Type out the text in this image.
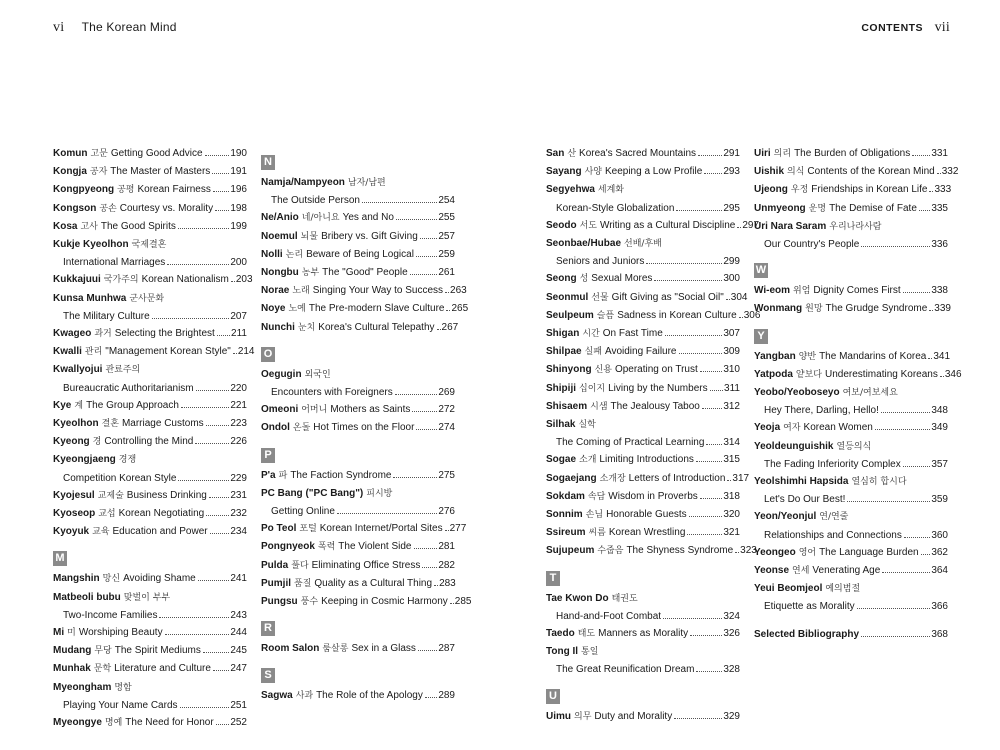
vi The Korean Mind	CONTENTS vii
Komun 고문 Getting Good Advice	190
Kongja 공자 The Master of Masters 191
Kongpyeong 공평 Korean Fairness 196
Kongson 공손 Courtesy vs. Morality 198
Kosa 고사 The Good Spirits	199
Kukje Kyeolhon 국제결혼
International Marriages	200
Kukkajuui 국가주의 Korean Nationalism 203
Kunsa Munhwa 군사문화
The Military Culture	207
Kwageo 과거 Selecting the Brightest 211
Kwalli 관리 "Management Korean Style" 214
Kwallyojui 관료주의
Bureaucratic Authoritarianism	220
Kye 계 The Group Approach	221
Kyeolhon 결혼 Marriage Customs	223
Kyeong 경 Controlling the Mind	226
Kyeongjaeng 경쟁
Competition Korean Style	229
Kyojesul 교제술 Business Drinking 231
Kyoseop 교섭 Korean Negotiating	232
Kyoyuk 교육 Education and Power 234
M
Mangshin 망신 Avoiding Shame	241
Matbeoli bubu 맞벌이 부부
Two-Income Families	243
Mi 미 Worshiping Beauty	244
Mudang 무당 The Spirit Mediums	245
Munhak 문학 Literature and Culture 247
Myeongham 명함
Playing Your Name Cards	251
Myeongye 명예 The Need for Honor 252
N
Namja/Nampyeon 남자/남편
The Outside Person	254
Ne/Anio 네/아니요 Yes and No	255
Noemul 뇌물 Bribery vs. Gift Giving 257
Nolli 논리 Beware of Being Logical 259
Nongbu 농부 The "Good" People	261
Norae 노래 Singing Your Way to Success 263
Noye 노예 The Pre-modern Slave Culture 265
Nunchi 눈치 Korea's Cultural Telepathy 267
O
Oegugin 외국인
Encounters with Foreigners	269
Omeoni 어머니 Mothers as Saints	272
Ondol 온돌 Hot Times on the Floor 274
P
P'a 파 The Faction Syndrome	275
PC Bang ("PC Bang") 피시방
Getting Online	276
Po Teol 포털 Korean Internet/Portal Sites 277
Pongnyeok 폭력 The Violent Side	281
Pulda 풀다 Eliminating Office Stress 282
Pumjil 품질 Quality as a Cultural Thing 283
Pungsu 풍수 Keeping in Cosmic Harmony 285
R
Room Salon 룸살롱 Sex in a Glass 287
S
Sagwa 사과 The Role of the Apology 289
San 산 Korea's Sacred Mountains	291
Sayang 사양 Keeping a Low Profile 293
Segyehwa 세계화
Korean-Style Globalization	295
Seodo 서도 Writing as a Cultural Discipline 297
Seonbae/Hubae 선배/후배
Seniors and Juniors	299
Seong 성 Sexual Mores	300
Seonmul 선물 Gift Giving as "Social Oil" 304
Seulpeum 슬픔 Sadness in Korean Culture 306
Shigan 시간 On Fast Time	307
Shilpae 실패 Avoiding Failure	309
Shinyong 신용 Operating on Trust	310
Shipiji 십이지 Living by the Numbers 311
Shisaem 시샘 The Jealousy Taboo 312
Silhak 실학
The Coming of Practical Learning 314
Sogae 소개 Limiting Introductions	315
Sogaejang 소개장 Letters of Introduction 317
Sokdam 속담 Wisdom in Proverbs	318
Sonnim 손님 Honorable Guests	320
Ssireum 씨름 Korean Wrestling	321
Sujupeum 수줍음 The Shyness Syndrome 323
T
Tae Kwon Do 태권도
Hand-and-Foot Combat	324
Taedo 태도 Manners as Morality	326
Tong Il 통일
The Great Reunification Dream	328
U
Uimu 의무 Duty and Morality	329
Uiri 의리 The Burden of Obligations 331
Uishik 의식 Contents of the Korean Mind 332
Ujeong 우정 Friendships in Korean Life 333
Unmyeong 운명 The Demise of Fate 335
Uri Nara Saram 우리나라사람
Our Country's People	336
W
Wi-eom 위엄 Dignity Comes First	338
Wonmang 원망 The Grudge Syndrome 339
Y
Yangban 양반 The Mandarins of Korea 341
Yatpoda 얕보다 Underestimating Koreans 346
Yeobo/Yeoboseyo 여보/여보세요
Hey There, Darling, Hello!	348
Yeoja 여자 Korean Women	349
Yeoldeunguishik 열등의식
The Fading Inferiority Complex	357
Yeolshimhi Hapsida 열심히 합시다
Let's Do Our Best!	359
Yeon/Yeonjul 연/연줄
Relationships and Connections	360
Yeongeo 영어 The Language Burden 362
Yeonse 연세 Venerating Age	364
Yeui Beomjeol 예의범절
Etiquette as Morality	366
Selected Bibliography	368
